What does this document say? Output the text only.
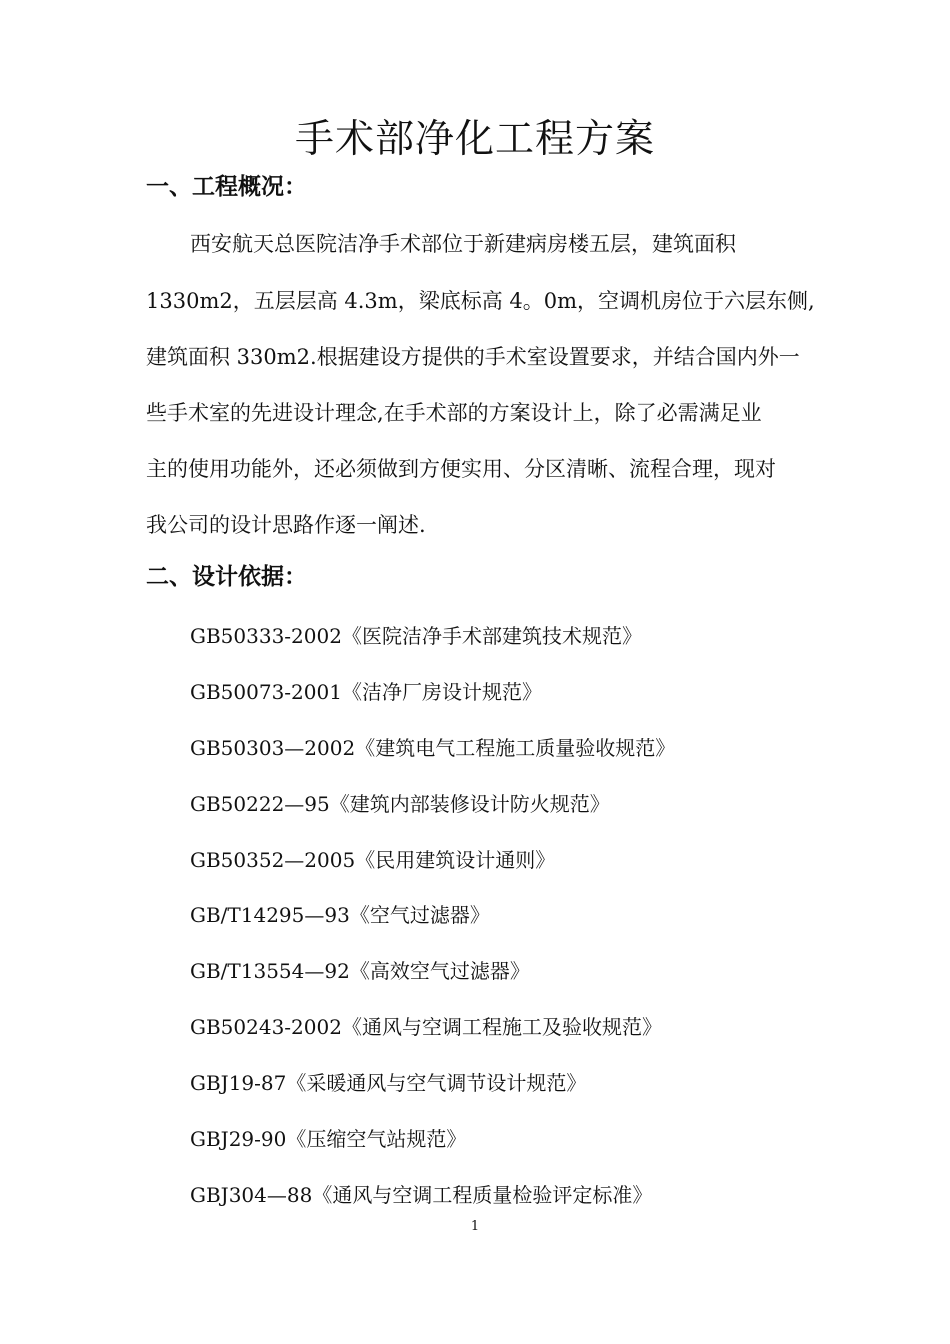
手术部净化工程方案
一、工程概况：
西安航天总医院洁净手术部位于新建病房楼五层，建筑面积
1330m2，五层层高 4.3m，梁底标高 4。0m，空调机房位于六层东侧,
建筑面积 330m2.根据建设方提供的手术室设置要求，并结合国内外一
些手术室的先进设计理念,在手术部的方案设计上，除了必需满足业
主的使用功能外，还必须做到方便实用、分区清晰、流程合理，现对
我公司的设计思路作逐一阐述.
二、设计依据：
GB50333-2002《医院洁净手术部建筑技术规范》
GB50073-2001《洁净厂房设计规范》
GB50303—2002《建筑电气工程施工质量验收规范》
GB50222—95《建筑内部装修设计防火规范》
GB50352—2005《民用建筑设计通则》
GB/T14295—93《空气过滤器》
GB/T13554—92《高效空气过滤器》
GB50243-2002《通风与空调工程施工及验收规范》
GBJ19-87《采暖通风与空气调节设计规范》
GBJ29-90《压缩空气站规范》
GBJ304—88《通风与空调工程质量检验评定标准》
1
